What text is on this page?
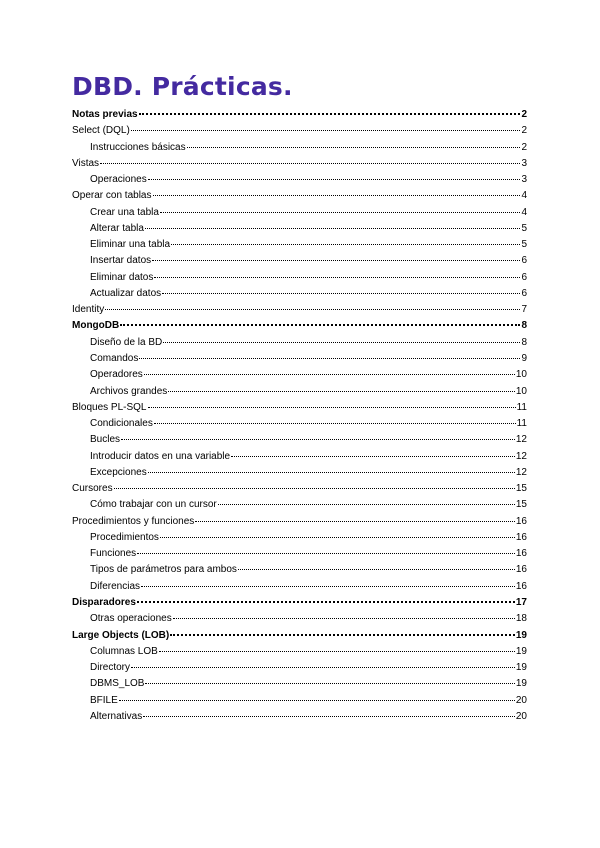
DBD. Prácticas.
Notas previas	2
Select (DQL)	2
Instrucciones básicas	2
Vistas	3
Operaciones	3
Operar con tablas	4
Crear una tabla	4
Alterar tabla	5
Eliminar una tabla	5
Insertar datos	6
Eliminar datos	6
Actualizar datos	6
Identity	7
MongoDB	8
Diseño de la BD	8
Comandos	9
Operadores	10
Archivos grandes	10
Bloques PL-SQL	11
Condicionales	11
Bucles	12
Introducir datos en una variable	12
Excepciones	12
Cursores	15
Cómo trabajar con un cursor	15
Procedimientos y funciones	16
Procedimientos	16
Funciones	16
Tipos de parámetros para ambos	16
Diferencias	16
Disparadores	17
Otras operaciones	18
Large Objects (LOB)	19
Columnas LOB	19
Directory	19
DBMS_LOB	19
BFILE	20
Alternativas	20
